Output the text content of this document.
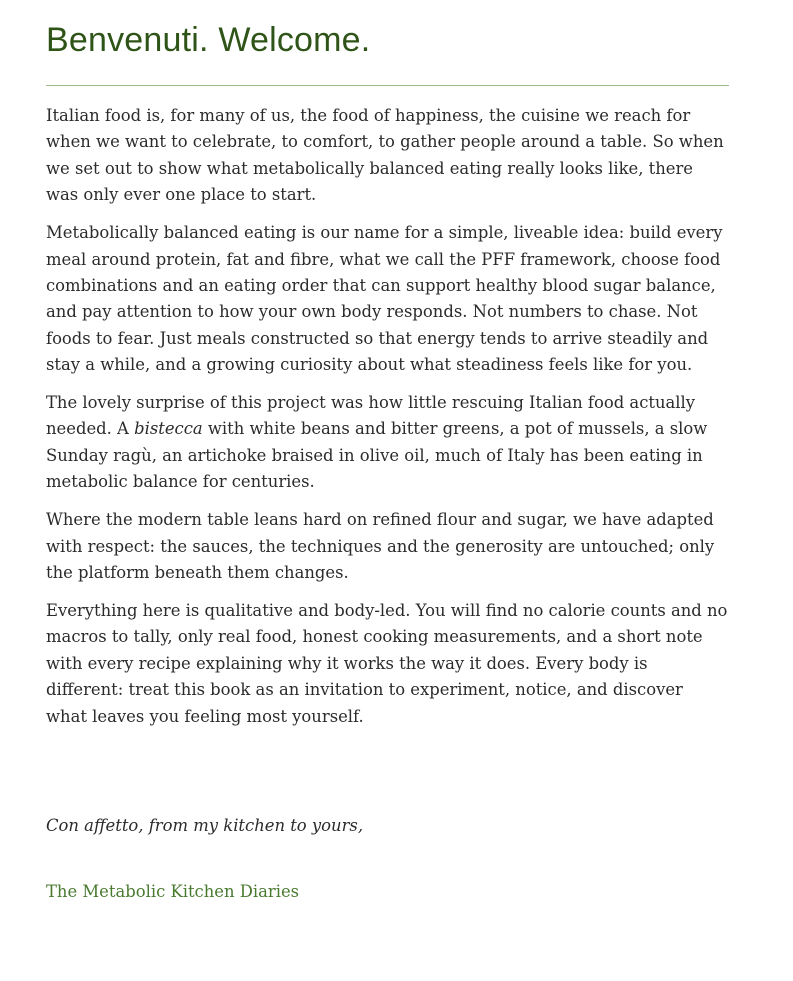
Benvenuti. Welcome.

Italian food is, for many of us, the food of happiness, the cuisine we reach for when we want to celebrate, to comfort, to gather people around a table. So when we set out to show what metabolically balanced eating really looks like, there was only ever one place to start.

Metabolically balanced eating is our name for a simple, liveable idea: build every meal around protein, fat and fibre, what we call the PFF framework, choose food combinations and an eating order that can support healthy blood sugar balance, and pay attention to how your own body responds. Not numbers to chase. Not foods to fear. Just meals constructed so that energy tends to arrive steadily and stay a while, and a growing curiosity about what steadiness feels like for you.

The lovely surprise of this project was how little rescuing Italian food actually needed. A bistecca with white beans and bitter greens, a pot of mussels, a slow Sunday ragù, an artichoke braised in olive oil, much of Italy has been eating in metabolic balance for centuries.

Where the modern table leans hard on refined flour and sugar, we have adapted with respect: the sauces, the techniques and the generosity are untouched; only the platform beneath them changes.

Everything here is qualitative and body-led. You will find no calorie counts and no macros to tally, only real food, honest cooking measurements, and a short note with every recipe explaining why it works the way it does. Every body is different: treat this book as an invitation to experiment, notice, and discover what leaves you feeling most yourself.

Con affetto, from my kitchen to yours,

The Metabolic Kitchen Diaries
